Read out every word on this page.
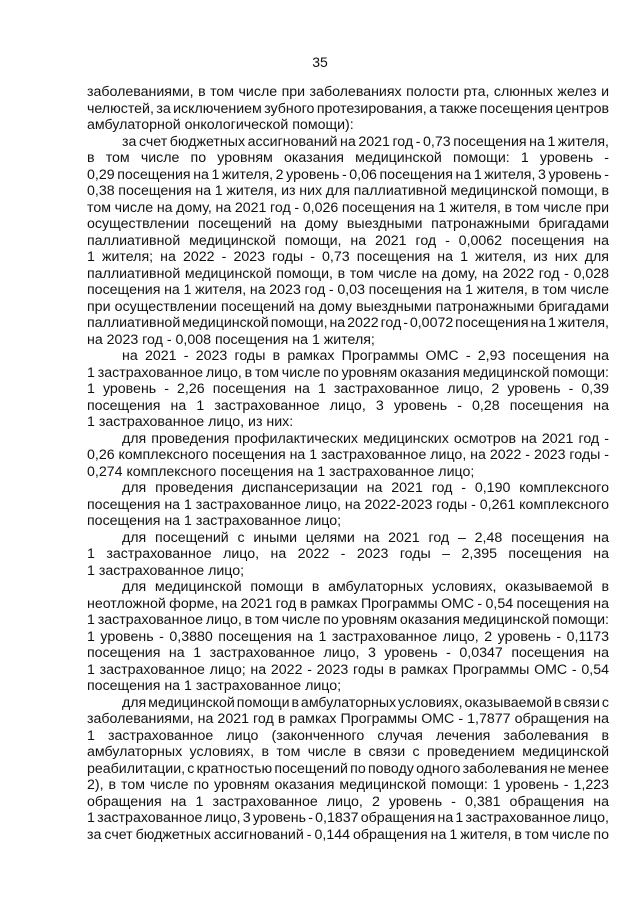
35
заболеваниями, в том числе при заболеваниях полости рта, слюнных желез и
челюстей, за исключением зубного протезирования, а также посещения центров
амбулаторной онкологической помощи):
за счет бюджетных ассигнований на 2021 год - 0,73 посещения на 1 жителя,
в том числе по уровням оказания медицинской помощи: 1 уровень -
0,29 посещения на 1 жителя, 2 уровень - 0,06 посещения на 1 жителя, 3 уровень -
0,38 посещения на 1 жителя, из них для паллиативной медицинской помощи, в
том числе на дому, на 2021 год - 0,026 посещения на 1 жителя, в том числе при
осуществлении посещений на дому выездными патронажными бригадами
паллиативной медицинской помощи, на 2021 год - 0,0062 посещения на
1 жителя; на 2022 - 2023 годы - 0,73 посещения на 1 жителя, из них для
паллиативной медицинской помощи, в том числе на дому, на 2022 год - 0,028
посещения на 1 жителя, на 2023 год - 0,03 посещения на 1 жителя, в том числе
при осуществлении посещений на дому выездными патронажными бригадами
паллиативной медицинской помощи, на 2022 год - 0,0072 посещения на 1 жителя,
на 2023 год - 0,008 посещения на 1 жителя;
на 2021 - 2023 годы в рамках Программы ОМС - 2,93 посещения на
1 застрахованное лицо, в том числе по уровням оказания медицинской помощи:
1 уровень - 2,26 посещения на 1 застрахованное лицо, 2 уровень - 0,39
посещения на 1 застрахованное лицо, 3 уровень - 0,28 посещения на
1 застрахованное лицо, из них:
для проведения профилактических медицинских осмотров на 2021 год -
0,26 комплексного посещения на 1 застрахованное лицо, на 2022 - 2023 годы -
0,274 комплексного посещения на 1 застрахованное лицо;
для проведения диспансеризации на 2021 год - 0,190 комплексного
посещения на 1 застрахованное лицо, на 2022-2023 годы - 0,261 комплексного
посещения на 1 застрахованное лицо;
для посещений с иными целями на 2021 год – 2,48 посещения на
1 застрахованное лицо, на 2022 - 2023 годы – 2,395 посещения на
1 застрахованное лицо;
для медицинской помощи в амбулаторных условиях, оказываемой в
неотложной форме, на 2021 год в рамках Программы ОМС - 0,54 посещения на
1 застрахованное лицо, в том числе по уровням оказания медицинской помощи:
1 уровень - 0,3880 посещения на 1 застрахованное лицо, 2 уровень - 0,1173
посещения на 1 застрахованное лицо, 3 уровень - 0,0347 посещения на
1 застрахованное лицо; на 2022 - 2023 годы в рамках Программы ОМС - 0,54
посещения на 1 застрахованное лицо;
для медицинской помощи в амбулаторных условиях, оказываемой в связи с
заболеваниями, на 2021 год в рамках Программы ОМС - 1,7877 обращения на
1 застрахованное лицо (законченного случая лечения заболевания в
амбулаторных условиях, в том числе в связи с проведением медицинской
реабилитации, с кратностью посещений по поводу одного заболевания не менее
2), в том числе по уровням оказания медицинской помощи: 1 уровень - 1,223
обращения на 1 застрахованное лицо, 2 уровень - 0,381 обращения на
1 застрахованное лицо, 3 уровень - 0,1837 обращения на 1 застрахованное лицо,
за счет бюджетных ассигнований - 0,144 обращения на 1 жителя, в том числе по
